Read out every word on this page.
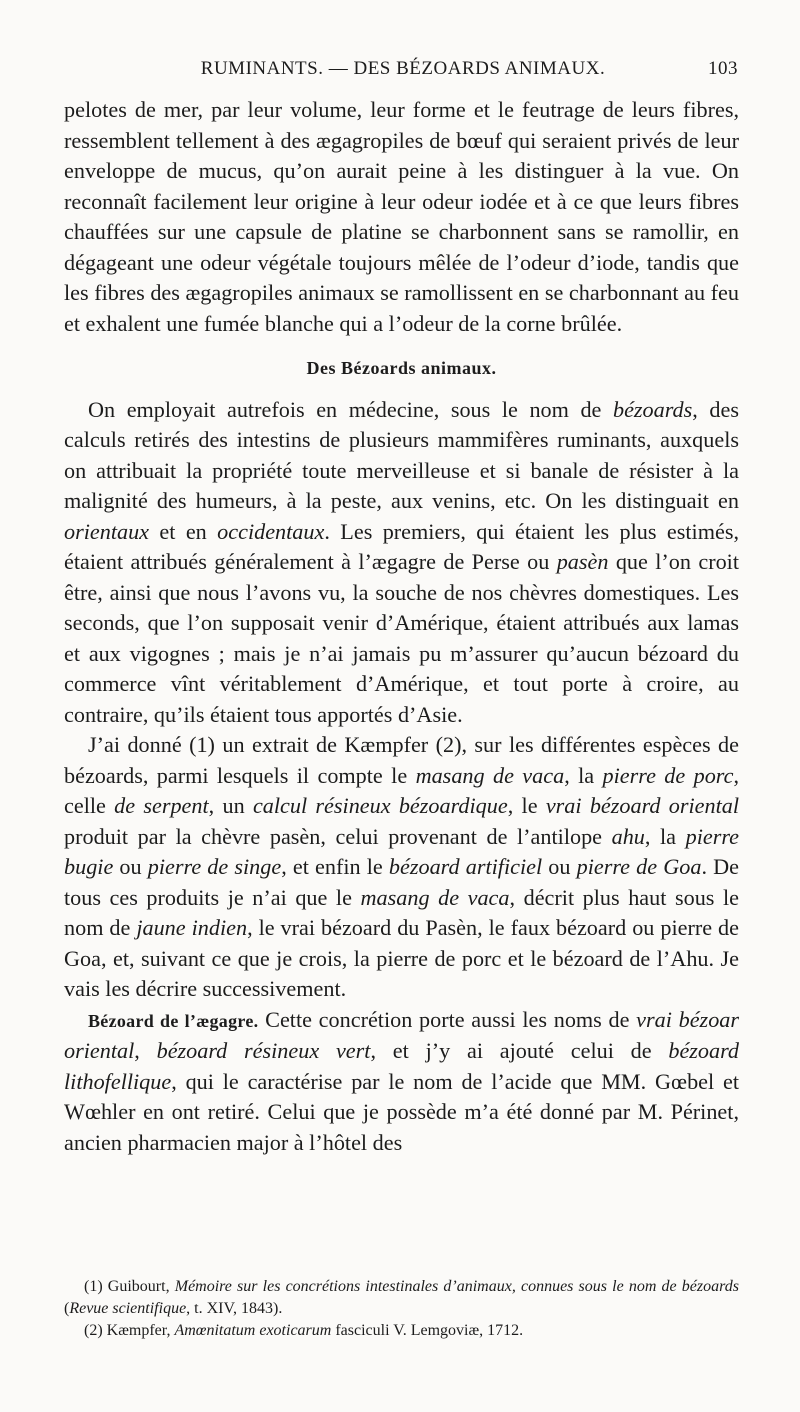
RUMINANTS. — DES BÉZOARDS ANIMAUX.	103

pelotes de mer, par leur volume, leur forme et le feutrage de leurs fibres, ressemblent tellement à des ægagropiles de bœuf qui seraient privés de leur enveloppe de mucus, qu’on aurait peine à les distinguer à la vue. On reconnaît facilement leur origine à leur odeur iodée et à ce que leurs fibres chauffées sur une capsule de platine se charbonnent sans se ramollir, en dégageant une odeur végétale toujours mêlée de l’odeur d’iode, tandis que les fibres des ægagropiles animaux se ramollissent en se charbonnant au feu et exhalent une fumée blanche qui a l’odeur de la corne brûlée.

Des Bézoards animaux.

On employait autrefois en médecine, sous le nom de bézoards, des calculs retirés des intestins de plusieurs mammifères ruminants, auxquels on attribuait la propriété toute merveilleuse et si banale de résister à la malignité des humeurs, à la peste, aux venins, etc. On les distinguait en orientaux et en occidentaux. Les premiers, qui étaient les plus estimés, étaient attribués généralement à l’ægagre de Perse ou pasèn que l’on croit être, ainsi que nous l’avons vu, la souche de nos chèvres domestiques. Les seconds, que l’on supposait venir d’Amérique, étaient attribués aux lamas et aux vigognes ; mais je n’ai jamais pu m’assurer qu’aucun bézoard du commerce vînt véritablement d’Amérique, et tout porte à croire, au contraire, qu’ils étaient tous apportés d’Asie.

J’ai donné (1) un extrait de Kæmpfer (2), sur les différentes espèces de bézoards, parmi lesquels il compte le masang de vaca, la pierre de porc, celle de serpent, un calcul résineux bézoardique, le vrai bézoard oriental produit par la chèvre pasèn, celui provenant de l’antilope ahu, la pierre bugie ou pierre de singe, et enfin le bézoard artificiel ou pierre de Goa. De tous ces produits je n’ai que le masang de vaca, décrit plus haut sous le nom de jaune indien, le vrai bézoard du Pasèn, le faux bézoard ou pierre de Goa, et, suivant ce que je crois, la pierre de porc et le bézoard de l’Ahu. Je vais les décrire successivement.

Bézoard de l’ægagre. Cette concrétion porte aussi les noms de vrai bézoar oriental, bézoard résineux vert, et j’y ai ajouté celui de bézoard lithofellique, qui le caractérise par le nom de l’acide que MM. Gœbel et Wœhler en ont retiré. Celui que je possède m’a été donné par M. Périnet, ancien pharmacien major à l’hôtel des

(1) Guibourt, Mémoire sur les concrétions intestinales d’animaux, connues sous le nom de bézoards (Revue scientifique, t. XIV, 1843).

(2) Kæmpfer, Amœnitatum exoticarum fasciculi V. Lemgoviæ, 1712.
